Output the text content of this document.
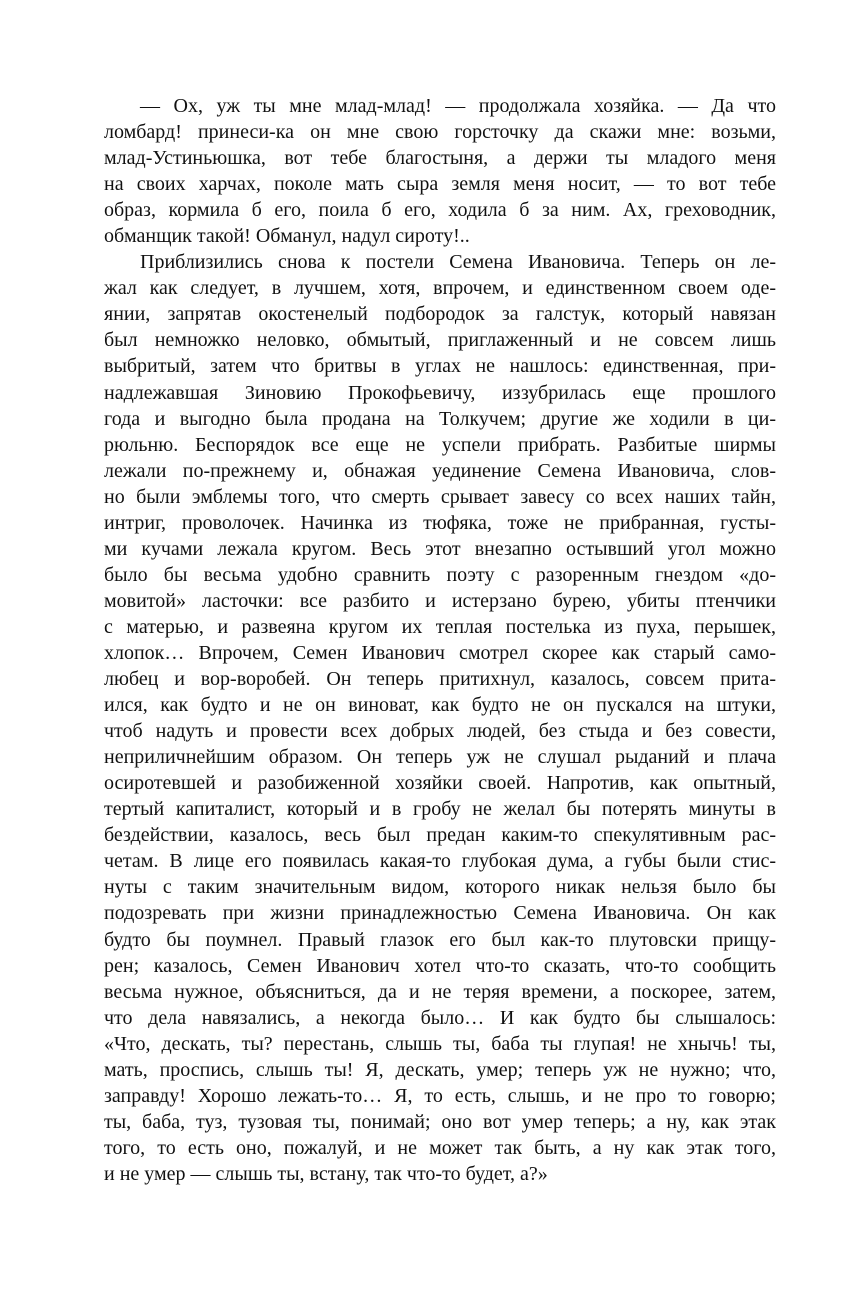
— Ох, уж ты мне млад-млад! — продолжала хозяйка. — Да что
ломбард! принеси-ка он мне свою горсточку да скажи мне: возьми,
млад-Устиньюшка, вот тебе благостыня, а держи ты младого меня
на своих харчах, поколе мать сыра земля меня носит, — то вот тебе
образ, кормила б его, поила б его, ходила б за ним. Ах, греховодник,
обманщик такой! Обманул, надул сироту!..

Приблизились снова к постели Семена Ивановича. Теперь он ле-
жал как следует, в лучшем, хотя, впрочем, и единственном своем оде-
янии, запрятав окостенелый подбородок за галстук, который навязан
был немножко неловко, обмытый, приглаженный и не совсем лишь
выбритый, затем что бритвы в углах не нашлось: единственная, при-
надлежавшая Зиновию Прокофьевичу, иззубрилась еще прошлого
года и выгодно была продана на Толкучем; другие же ходили в ци-
рюльню. Беспорядок все еще не успели прибрать. Разбитые ширмы
лежали по-прежнему и, обнажая уединение Семена Ивановича, слов-
но были эмблемы того, что смерть срывает завесу со всех наших тайн,
интриг, проволочек. Начинка из тюфяка, тоже не прибранная, густы-
ми кучами лежала кругом. Весь этот внезапно остывший угол можно
было бы весьма удобно сравнить поэту с разоренным гнездом «до-
мовитой» ласточки: все разбито и истерзано бурею, убиты птенчики
с матерью, и развеяна кругом их теплая постелька из пуха, перышек,
хлопок… Впрочем, Семен Иванович смотрел скорее как старый само-
любец и вор-воробей. Он теперь притихнул, казалось, совсем прита-
ился, как будто и не он виноват, как будто не он пускался на штуки,
чтоб надуть и провести всех добрых людей, без стыда и без совести,
неприличнейшим образом. Он теперь уж не слушал рыданий и плача
осиротевшей и разобиженной хозяйки своей. Напротив, как опытный,
тертый капиталист, который и в гробу не желал бы потерять минуты в
бездействии, казалось, весь был предан каким-то спекулятивным рас-
четам. В лице его появилась какая-то глубокая дума, а губы были стис-
нуты с таким значительным видом, которого никак нельзя было бы
подозревать при жизни принадлежностью Семена Ивановича. Он как
будто бы поумнел. Правый глазок его был как-то плутовски прищу-
рен; казалось, Семен Иванович хотел что-то сказать, что-то сообщить
весьма нужное, объясниться, да и не теряя времени, а поскорее, затем,
что дела навязались, а некогда было… И как будто бы слышалось:
«Что, дескать, ты? перестань, слышь ты, баба ты глупая! не хнычь! ты,
мать, проспись, слышь ты! Я, дескать, умер; теперь уж не нужно; что,
заправду! Хорошо лежать-то… Я, то есть, слышь, и не про то говорю;
ты, баба, туз, тузовая ты, понимай; оно вот умер теперь; а ну, как этак
того, то есть оно, пожалуй, и не может так быть, а ну как этак того,
и не умер — слышь ты, встану, так что-то будет, а?»
